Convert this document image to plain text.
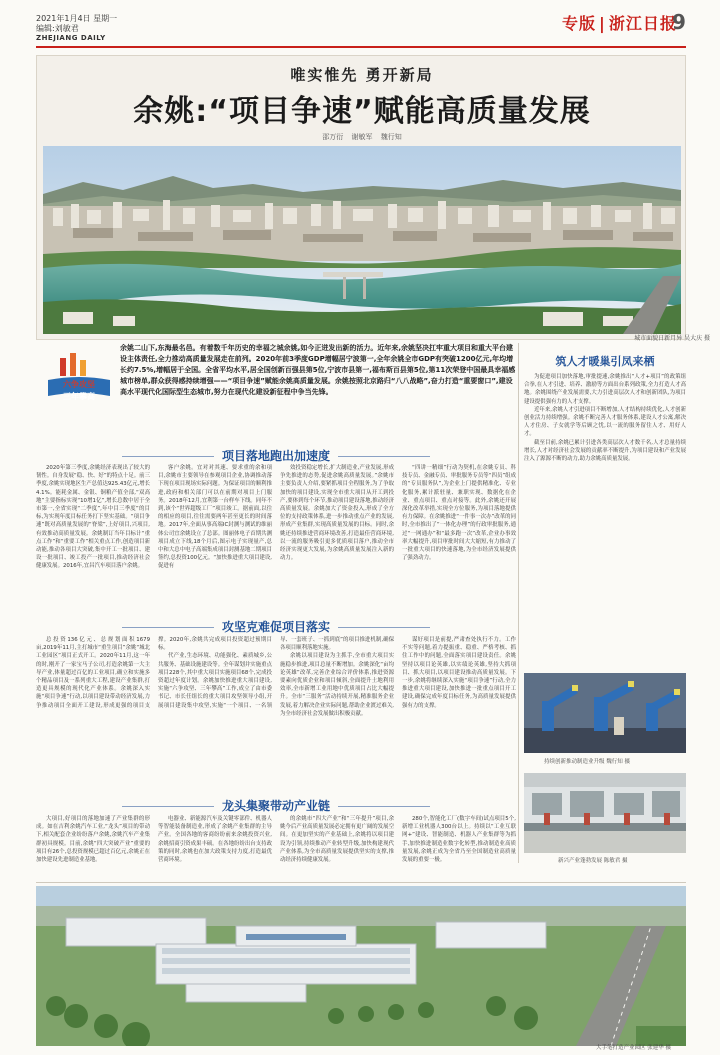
2021年1月4日 星期一
编辑:刘敏君
ZHEJIANG DAILY
专版 | 浙江日报
9
唯实惟先 勇开新局
余姚:“项目争速”赋能高质量发展
邵万衍 谢敏军 魏行知
城市面貌日新月异 吴大庆 摄
六争攻坚
三年攀高
余姚二山下,东海最名邑。有着数千年历史的幸福之城余姚,如今正迸发出新的活力。近年来,余姚坚决扛牢重大项目和重大平台建设主体责任,全力推动高质量发展走在前列。2020年前3季度GDP增幅居宁波第一,全年余姚全市GDP有突破1200亿元,年均增长约7.5%,增幅居于全国。全省平均水平,居全国创新百强县第5位,宁波市县第一,福布斯百县第5位,第11次荣登中国最具幸福感城市榜单,群众获得感持续增强——“项目争速”赋能余姚高质量发展。余姚按照北京路归“八八战略”,奋力打造“重要窗口”,建设高水平现代化国际型生态城市,努力在现代化建设新征程中争当先锋。
项目落地跑出加速度

2020年第三季度,余姚经济表现出了较大的韧性。自身发展“稳、快、好”的特点十足。前三季度,余姚实现地区生产总值达925.43亿元,增长4.1%。能耗金属、金银、铜粮产值全部,“双高地”主要指标实现“10增1亿”,增长总数中居于全市第一,全省实现“二季度”,年中目三季度”的目标,为实现年度目标任务打下坚实基础。“项目争速”既对高质量发展的“脊梁”,上好项目,兴项目,有效推动高质量发展。余姚制订当年目标计“重点工作”和“重要工作”相关重点工作,创造项目新动能,推动各项目大突破,集中开工一批项目、建设一批项目、竣工投产一批项目,推动经济社会健康发展。2016年,宜昌汽车项目落户余姚。

客户余姚。宜对对其速、要求重的余和项目,余姚市主要领导在参观项目企业,协调推动落下现在项目现场实际问题。为保证项目的顺利推进,政府和相关部门可以在前期对项目上门服务。2018年12月,宜利第一台样车下线。同年不到,该个“世界超级工厂”项目竣工。据前面,以往的相应的项目,往往需要两年甚至更长的时间落地。2017年,全面从事高端IC封测与测试的维丽体公司宜余姚设立了总部。图丽体电子首期共测项目成立下线,18个月后,图示电子实现量产,总中和大总中电子高端集成项目封测基地二期项目签约,总投资100亿元。“加快推进重大项目建设,促进有

效投资稳定增长,扩大制造业,产业发展,形成争先推进的态势,促进余姚高质量发展。”余姚市主要负责人介绍,要紧抓项目全程服务,为了争取加快的项目建设,实现全市重大项目从开工到投产,要体到每个环节,推动项目建设落地,推动经济高质量发展。余姚加大了资金投入,形成了全方位的支持政策体系,进一步推动重点产业的发展,形成产业集群,实现高质量发展的目标。同时,余姚还持续推进营商环境改善,打造最佳营商环境,以一流的服务吸引更多优质项目落户,推动全市经济实现更大发展,为余姚高质量发展注入新的动力。

“四讲一精细”行动为契机,在余姚专员、科技专员、金融专员、审批服务专员等“四员”组成的“专员服务队”,为企业上门提供精准化、专业化服务,累计派驻量、兼职实现、数据化在企业、重点项目、重点对接等。此外,余姚还开展深化改革举措,实现全方位服务,为项目落地提供有力保障。在余姚推进“一件事一次办”改革的同时,全市推出了“一体化办理”的行政审批服务,通过“一网通办”和“最多跑一次”改革,企业办事效率大幅提升,项目审批时间大大缩短,有力推动了一批重大项目的快速落地,为全市经济发展提供了强劲动力。

攻坚克难促项目落实

总投资136亿元、总规划面积1679亩,2019年11月,主打城市“重生项目”余姚“城北工业园区”项目正式开工。2020年11月,这一年的时,刚开了一家宝马子公司,打造余姚第一大主导产业,体量超过百亿的工业项目,确立和实施多个精品项目及一系列重大工程,建设产业集群,打造更具规模的现代化产业体系。余姚深入实施“项目争速”行动,以项目建设带动经济发展,力争推动项目全面开工建设,形成更强的项目支撑。2020年,余姚共完成项目投资超过预期目标。

代产业,生态环境、功能强化、素质城乡,公共服务、基础设施建设等。全年谋划并实施重点项目228个,其中重大项目实施项目68个,完成投资超过年度计划。余姚加快推进重大项目建设,实施“六争攻坚、三年攀高”工作,成立了由市委书记、市长任组长的重大项目攻坚领导小组,开展项目建设集中攻坚,实施“一个项目、一名领导、一套班子、一抓到底”的项目推进机制,确保各项目顺利落地实施。

余姚以项目建设为主抓手,全市重大项目实施稳步推进,项目总量不断增加。余姚深化“亩均论英雄”改革,完善企业综合评价体系,推进资源要素向优质企业和项目倾斜,全面提升土地利用效率,全市新增工业用地中优质项目占比大幅提升。全市“三服务”活动持续开展,精准服务企业发展,着力解决企业实际问题,帮助企业渡过难关,为全市经济社会发展做出积极贡献。

谋好项目是前提,严肃查处执行不力。工作不实等问题,着力提振重、稳重、严格考核、抓住工作中的问题,全面落实项目建设责任。余姚坚持以项目论英雄,以实绩论英雄,坚持大抓项目、抓大项目,以项目建设推动高质量发展。下一步,余姚将继续深入实施“项目争速”行动,全力推进重大项目建设,加快推进一批重点项目开工建设,确保完成年度目标任务,为高质量发展提供强有力的支撑。

龙头集聚带动产业链

大项目,好项目的落地加速了产业集群的形成。如在吉利余姚汽车工业,“龙头”项目的带动下,相关配套企业纷纷落户余姚,余姚汽车产业集群初具规模。目前,余姚“四大突破产业”重要的项目有26个,总投资规模已超过百亿元,余姚正在加快建设先进制造业基地。

电器业、新能源汽车及关键零部件、机器人等智能装备制造业,形成了余姚产业集群的主导产业。全国各地的客商纷纷前来余姚投资兴业,余姚招商引资成果丰硕。在各地纷纷出台支持政策的同时,余姚也在加大政策支持力度,打造最优营商环境。

的余姚市“四大产业”和“三年提升”项目,余姚今后产业高质量发展必定拥有更广阔的发展空间。在更加坚实的产业基础上,余姚将以项目建设为引领,持续推动产业转型升级,加快构建现代产业体系,为全市高质量发展提供坚实的支撑,推动经济持续健康发展。

280个,智能化工厂(数字车间)试点项目5个,新增工业机器人300台以上。持续以“工业互联网+”建设、智能制造、机器人产业集群等为抓手,加快推进制造业数字化转型,推动制造业高质量发展,余姚正成为全省乃至全国制造业高质量发展的重要一极。

筑人才暖巢引凤来栖

为促进项目加快落地,审批提速,余姚推出“人才+项目”的政策组合拳,在人才引进、培养、激励等方面出台系列政策,全力打造人才高地。余姚围绕产业发展需要,大力引进高层次人才和创新团队,为项目建设提供强有力的人才支撑。

近年来,余姚人才引进项目不断增加,人才结构持续优化,人才创新创业活力持续增强。余姚不断完善人才服务体系,建设人才公寓,解决人才住房、子女就学等后顾之忧,以一流的服务留住人才、用好人才。

截至目前,余姚已累计引进各类高层次人才数千名,人才总量持续增长,人才对经济社会发展的贡献率不断提升,为项目建设和产业发展注入了源源不断的动力,助力余姚高质量发展。

持续创新推动制造业升级 魏行知 摄
新兴产业蓬勃发展 陈敏君 摄
大手笔打造产业园区 张建华 摄
